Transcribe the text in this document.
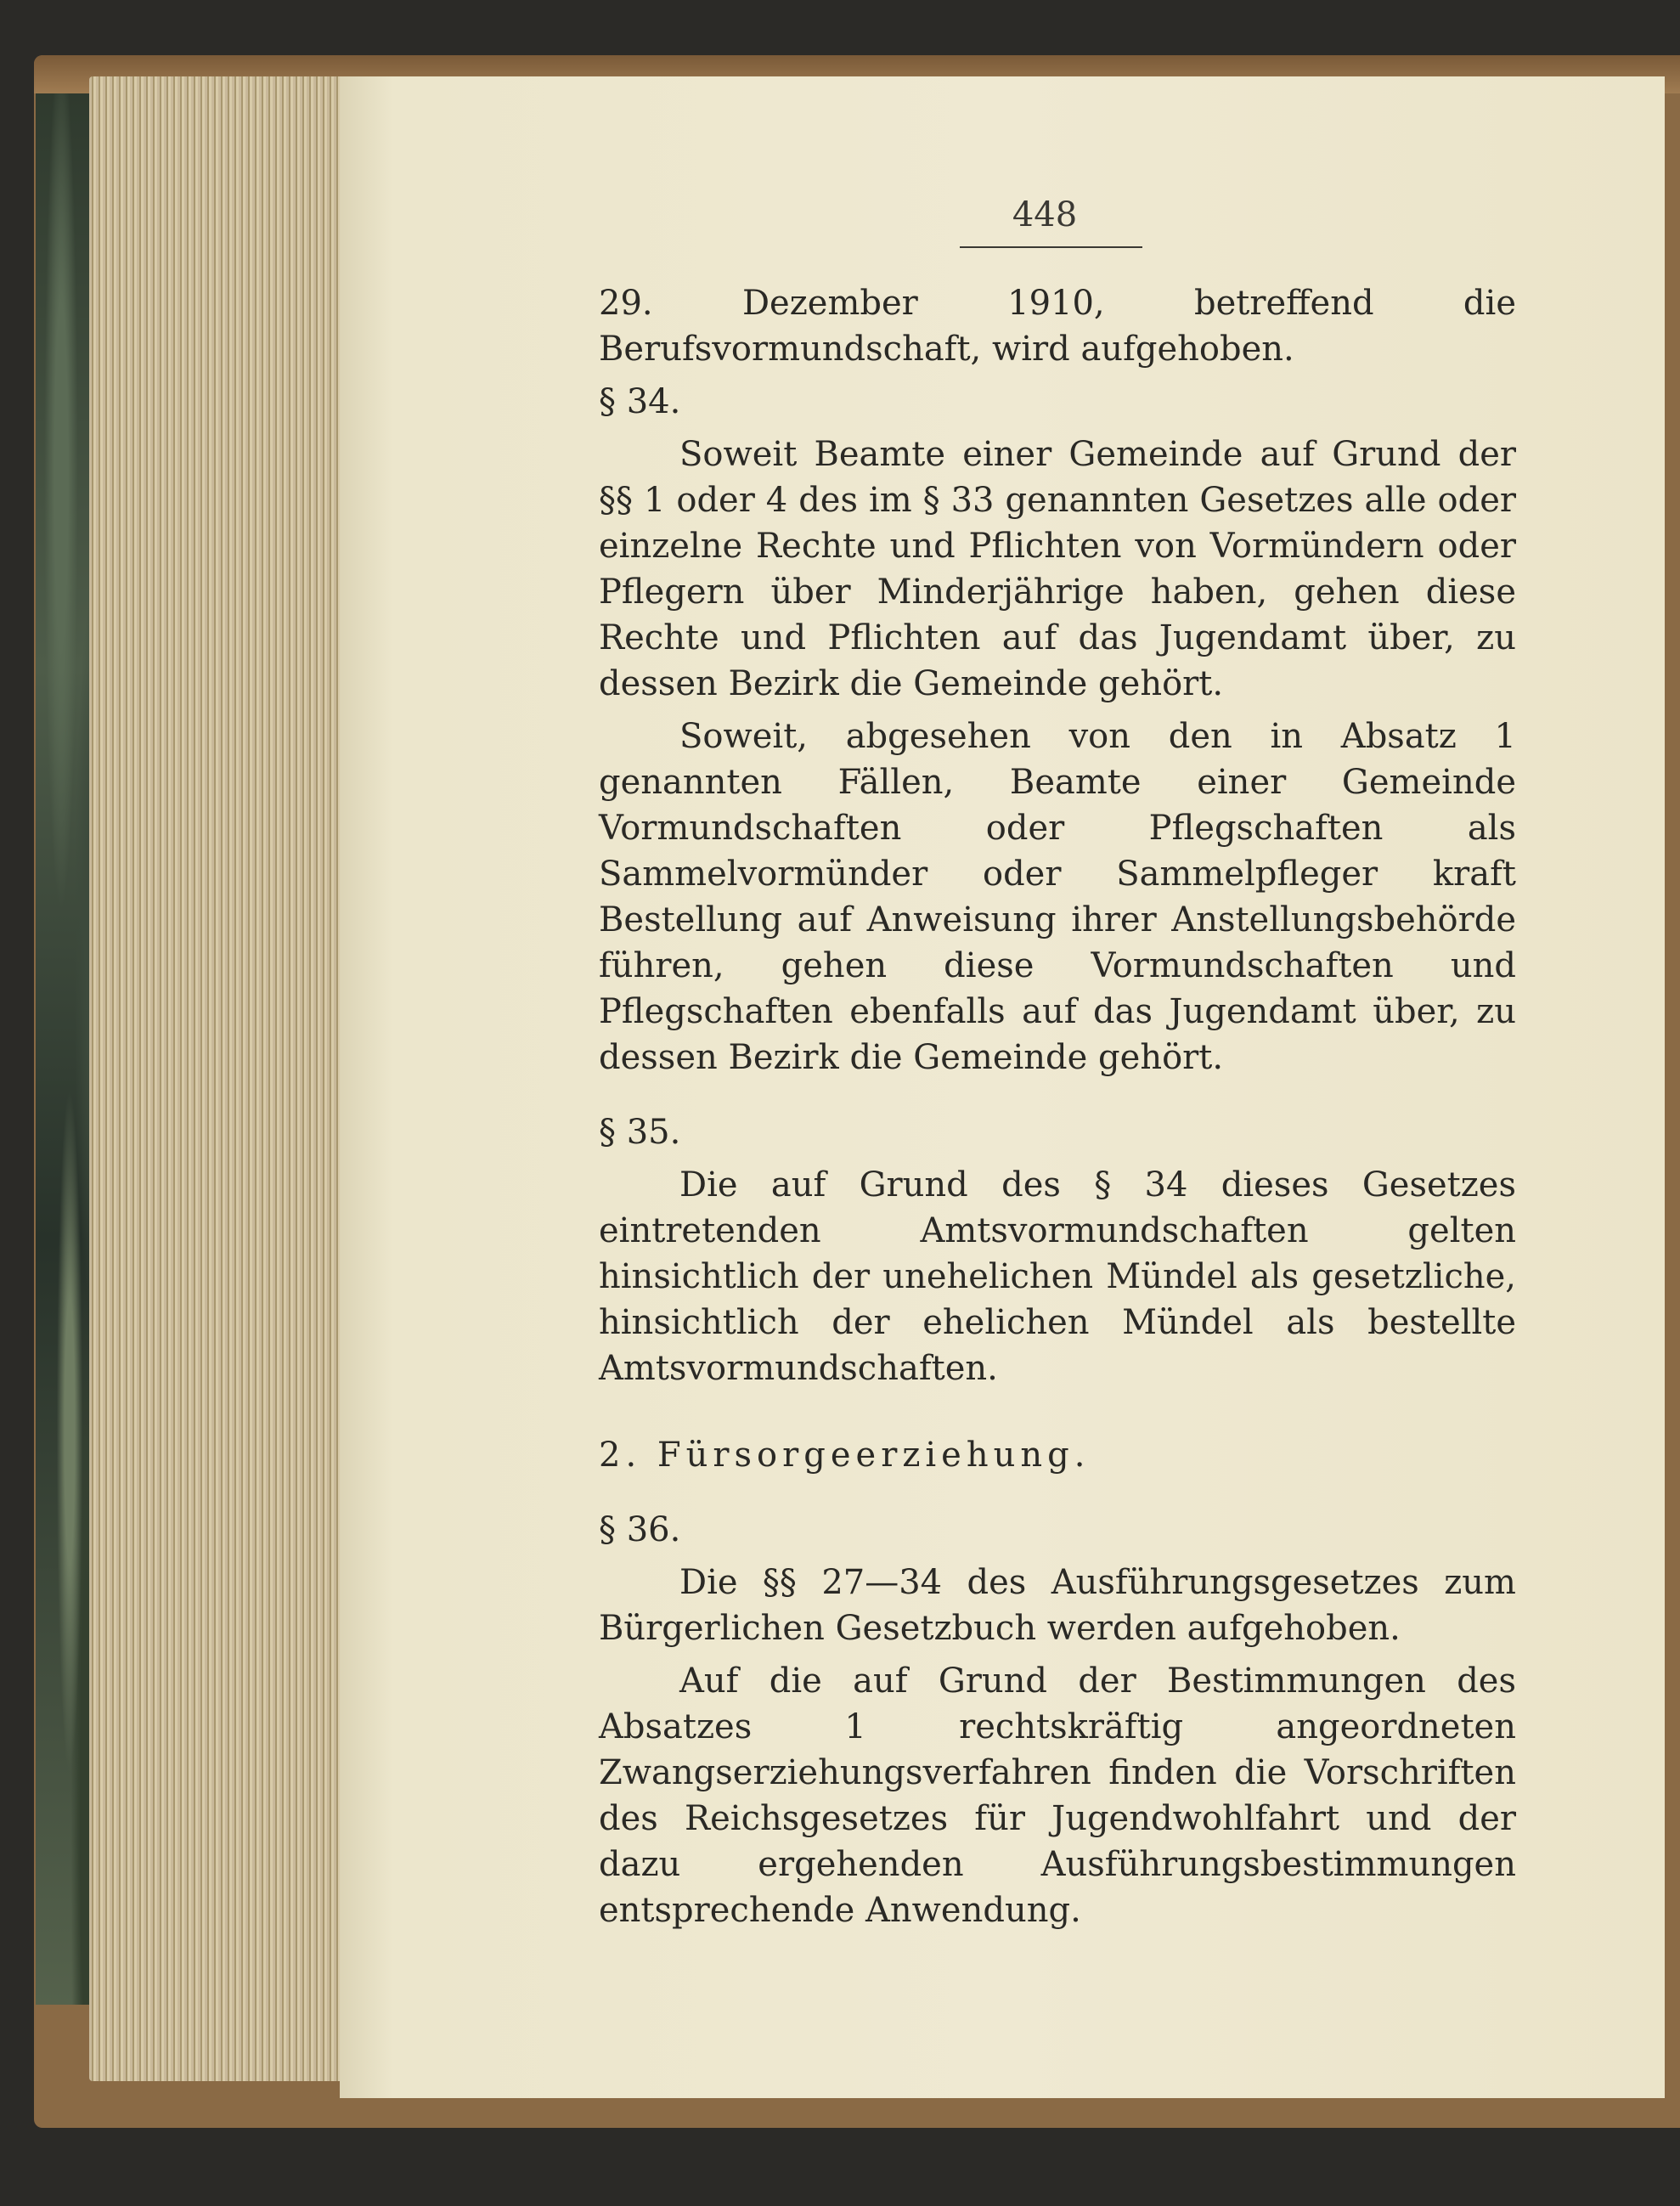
448

29. Dezember 1910, betreffend die Berufsvormundschaft, wird aufgehoben.

§ 34.

Soweit Beamte einer Gemeinde auf Grund der §§ 1 oder 4 des im § 33 genannten Gesetzes alle oder einzelne Rechte und Pflichten von Vormündern oder Pflegern über Minderjährige haben, gehen diese Rechte und Pflichten auf das Jugendamt über, zu dessen Bezirk die Gemeinde gehört.

Soweit, abgesehen von den in Absatz 1 genannten Fällen, Beamte einer Gemeinde Vormundschaften oder Pflegschaften als Sammelvormünder oder Sammelpfleger kraft Bestellung auf Anweisung ihrer Anstellungsbehörde führen, gehen diese Vormundschaften und Pflegschaften ebenfalls auf das Jugendamt über, zu dessen Bezirk die Gemeinde gehört.

§ 35.

Die auf Grund des § 34 dieses Gesetzes eintretenden Amtsvormundschaften gelten hinsichtlich der unehelichen Mündel als gesetzliche, hinsichtlich der ehelichen Mündel als bestellte Amtsvormundschaften.

2. Fürsorgeerziehung.

§ 36.

Die §§ 27—34 des Ausführungsgesetzes zum Bürgerlichen Gesetzbuch werden aufgehoben.

Auf die auf Grund der Bestimmungen des Absatzes 1 rechtskräftig angeordneten Zwangserziehungsverfahren finden die Vorschriften des Reichsgesetzes für Jugendwohlfahrt und der dazu ergehenden Ausführungsbestimmungen entsprechende Anwendung.
